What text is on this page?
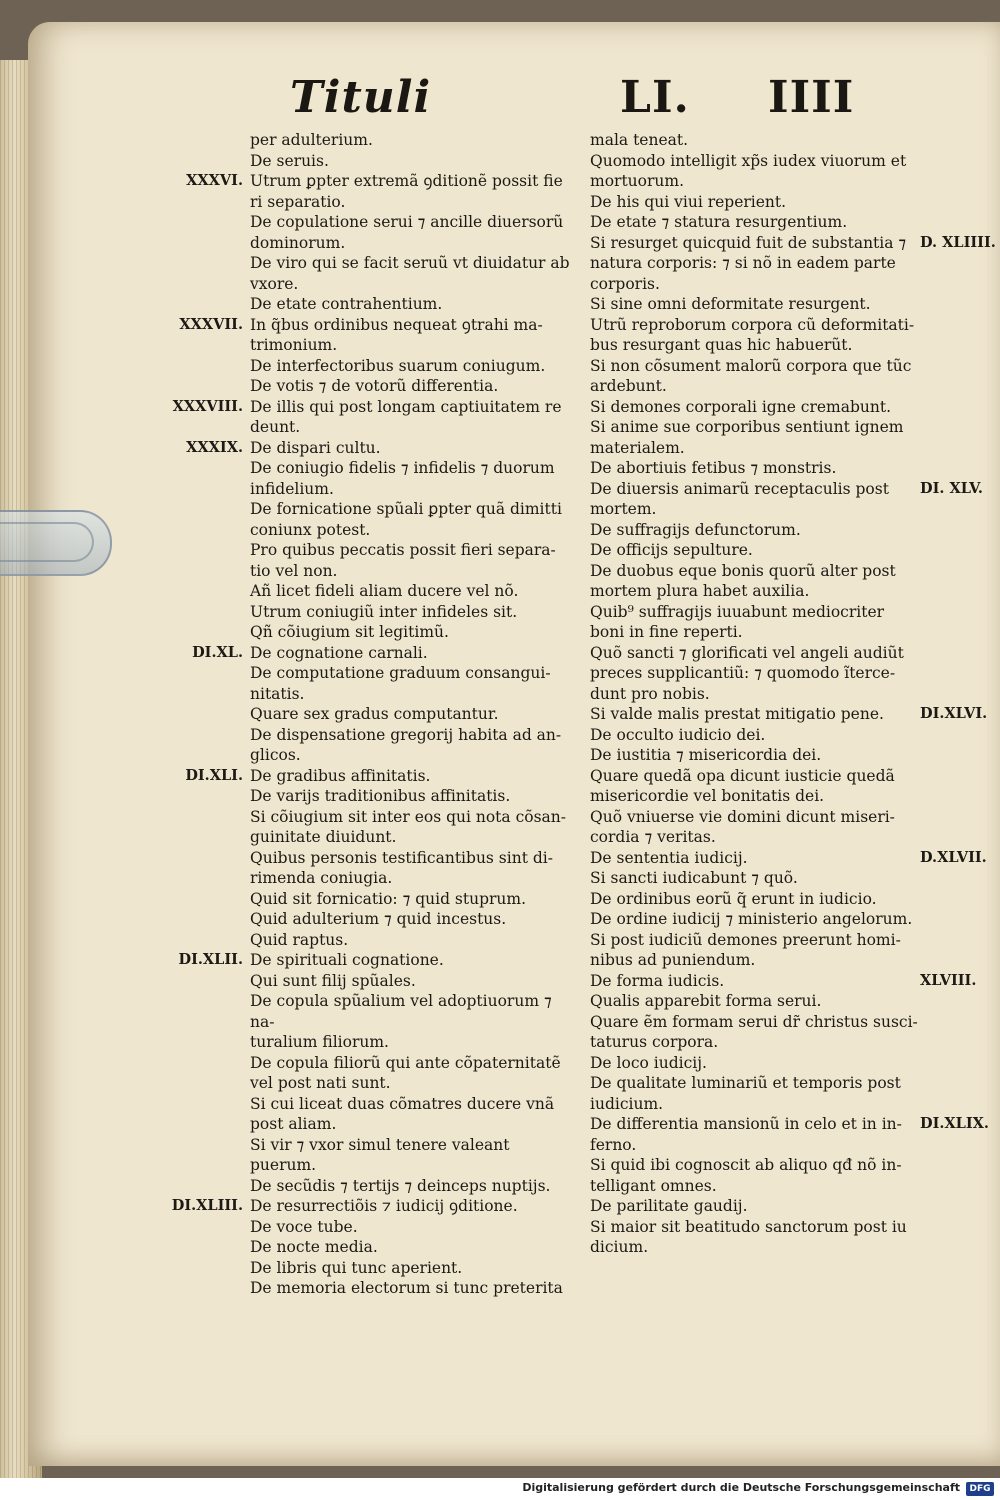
Tituli	LI. IIII
per adulterium.
De seruis.
XXXVI. Utrum ꝑpter extremã ꝯditionẽ possit fie
ri separatio.
De copulatione serui ⁊ ancille diuersorũ
dominorum.
De viro qui se facit seruũ vt diuidatur ab
vxore.
De etate contrahentium.
XXXVII. In q̃bus ordinibus nequeat ꝯtrahi ma-
trimonium.
De interfectoribus suarum coniugum.
De votis ⁊ de votorũ differentia.
XXXVIII. De illis qui post longam captiuitatem re
deunt.
XXXIX. De dispari cultu.
De coniugio fidelis ⁊ infidelis ⁊ duorum
infidelium.
De fornicatione spũali ꝑpter quã dimitti
coniunx potest.
Pro quibus peccatis possit fieri separa-
tio vel non.
Añ licet fideli aliam ducere vel nõ.
Utrum coniugiũ inter infideles sit.
Qñ cõiugium sit legitimũ.
DI.XL. De cognatione carnali.
De computatione graduum consangui-
nitatis.
Quare sex gradus computantur.
De dispensatione gregorij habita ad an-
glicos.
DI.XLI. De gradibus affinitatis.
De varijs traditionibus affinitatis.
Si cõiugium sit inter eos qui nota cõsan-
guinitate diuidunt.
Quibus personis testificantibus sint di-
rimenda coniugia.
Quid sit fornicatio: ⁊ quid stuprum.
Quid adulterium ⁊ quid incestus.
Quid raptus.
DI.XLII. De spirituali cognatione.
Qui sunt filij spũales.
De copula spũalium vel adoptiuorum ⁊ na-
turalium filiorum.
De copula filiorũ qui ante cõpaternitatẽ
vel post nati sunt.
Si cui liceat duas cõmatres ducere vnã
post aliam.
Si vir ⁊ vxor simul tenere valeant puerum.
De secũdis ⁊ tertijs ⁊ deinceps nuptijs.
DI.XLIII. De resurrectiõis ⁊ iudicij ꝯditione.
De voce tube.
De nocte media.
De libris qui tunc aperient.
De memoria electorum si tunc preterita
mala teneat.
Quomodo intelligit xp̃s iudex viuorum et
mortuorum.
De his qui viui reperient.
De etate ⁊ statura resurgentium.
D. XLIIII.
Si resurget quicquid fuit de substantia ⁊
natura corporis: ⁊ si nõ in eadem parte
corporis.
Si sine omni deformitate resurgent.
Utrũ reproborum corpora cũ deformitati-
bus resurgant quas hic habuerũt.
Si non cõsument malorũ corpora que tũc
ardebunt.
Si demones corporali igne cremabunt.
Si anime sue corporibus sentiunt ignem
materialem.
De abortiuis fetibus ⁊ monstris.
DI. XLV.
De diuersis animarũ receptaculis post
mortem.
De suffragijs defunctorum.
De officijs sepulture.
De duobus eque bonis quorũ alter post
mortem plura habet auxilia.
Quib⁹ suffragijs iuuabunt mediocriter
boni in fine reperti.
Quõ sancti ⁊ glorificati vel angeli audiũt
preces supplicantiũ: ⁊ quomodo ĩterce-
dunt pro nobis.
DI.XLVI.
Si valde malis prestat mitigatio pene.
De occulto iudicio dei.
De iustitia ⁊ misericordia dei.
Quare quedã opa dicunt iusticie quedã
misericordie vel bonitatis dei.
Quõ vniuerse vie domini dicunt miseri-
cordia ⁊ veritas.
D.XLVII.
De sententia iudicij.
Si sancti iudicabunt ⁊ quõ.
De ordinibus eorũ q̃ erunt in iudicio.
De ordine iudicij ⁊ ministerio angelorum.
Si post iudiciũ demones preerunt homi-
nibus ad puniendum.
XLVIII.
De forma iudicis.
Qualis apparebit forma serui.
Quare ẽm formam serui dr̃ christus susci-
taturus corpora.
De loco iudicij.
De qualitate luminariũ et temporis post
iudicium.
DI.XLIX.
De differentia mansionũ in celo et in in-
ferno.
Si quid ibi cognoscit ab aliquo qđ nõ in-
telligant omnes.
De parilitate gaudij.
Si maior sit beatitudo sanctorum post iu
dicium.
Digitalisierung gefördert durch die Deutsche Forschungsgemeinschaft	DFG
